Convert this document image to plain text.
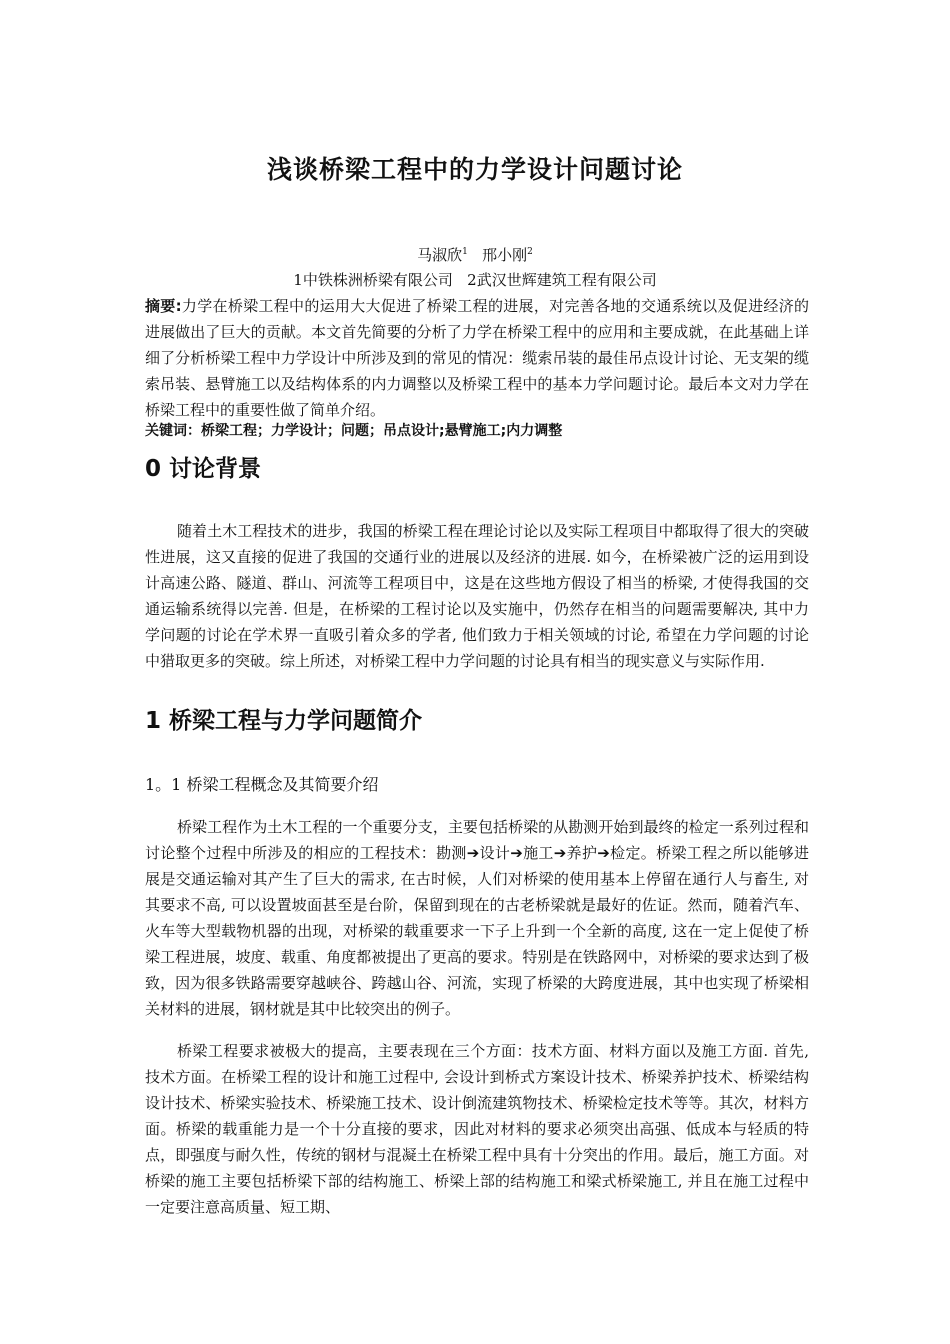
浅谈桥梁工程中的力学设计问题讨论
马淑欣$^1$ 邢小刚$^2$
1中铁株洲桥梁有限公司   2武汉世辉建筑工程有限公司
摘要:力学在桥梁工程中的运用大大促进了桥梁工程的进展，对完善各地的交通系统以及促进经济的进展做出了巨大的贡献。本文首先简要的分析了力学在桥梁工程中的应用和主要成就，在此基础上详细了分析桥梁工程中力学设计中所涉及到的常见的情况：缆索吊装的最佳吊点设计讨论、无支架的缆索吊装、悬臂施工以及结构体系的内力调整以及桥梁工程中的基本力学问题讨论。最后本文对力学在桥梁工程中的重要性做了简单介绍。
关键词：桥梁工程；力学设计；问题；吊点设计;悬臂施工;内力调整
0 讨论背景
随着土木工程技术的进步，我国的桥梁工程在理论讨论以及实际工程项目中都取得了很大的突破性进展，这又直接的促进了我国的交通行业的进展以及经济的进展. 如今，在桥梁被广泛的运用到设计高速公路、隧道、群山、河流等工程项目中，这是在这些地方假设了相当的桥梁, 才使得我国的交通运输系统得以完善. 但是，在桥梁的工程讨论以及实施中，仍然存在相当的问题需要解决, 其中力学问题的讨论在学术界一直吸引着众多的学者, 他们致力于相关领域的讨论, 希望在力学问题的讨论中猎取更多的突破。综上所述，对桥梁工程中力学问题的讨论具有相当的现实意义与实际作用.
1 桥梁工程与力学问题简介
1。1 桥梁工程概念及其简要介绍
桥梁工程作为土木工程的一个重要分支，主要包括桥梁的从勘测开始到最终的检定一系列过程和讨论整个过程中所涉及的相应的工程技术：勘测➔设计➔施工➔养护➔检定。桥梁工程之所以能够进展是交通运输对其产生了巨大的需求, 在古时候，人们对桥梁的使用基本上停留在通行人与畜生, 对其要求不高, 可以设置坡面甚至是台阶，保留到现在的古老桥梁就是最好的佐证。然而，随着汽车、火车等大型载物机器的出现，对桥梁的载重要求一下子上升到一个全新的高度, 这在一定上促使了桥梁工程进展，坡度、载重、角度都被提出了更高的要求。特别是在铁路网中，对桥梁的要求达到了极致，因为很多铁路需要穿越峡谷、跨越山谷、河流，实现了桥梁的大跨度进展，其中也实现了桥梁相关材料的进展，钢材就是其中比较突出的例子。
桥梁工程要求被极大的提高，主要表现在三个方面：技术方面、材料方面以及施工方面. 首先, 技术方面。在桥梁工程的设计和施工过程中, 会设计到桥式方案设计技术、桥梁养护技术、桥梁结构设计技术、桥梁实验技术、桥梁施工技术、设计倒流建筑物技术、桥梁检定技术等等。其次，材料方面。桥梁的载重能力是一个十分直接的要求，因此对材料的要求必须突出高强、低成本与轻质的特点，即强度与耐久性，传统的钢材与混凝土在桥梁工程中具有十分突出的作用。最后，施工方面。对桥梁的施工主要包括桥梁下部的结构施工、桥梁上部的结构施工和梁式桥梁施工, 并且在施工过程中一定要注意高质量、短工期、
